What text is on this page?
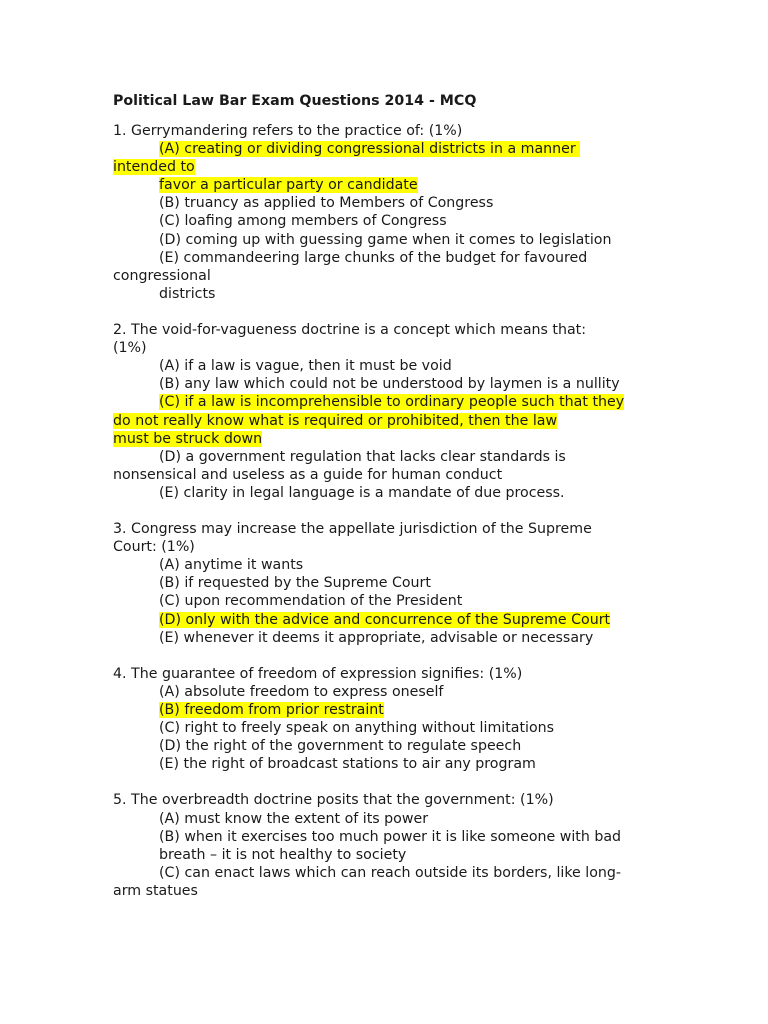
Political Law Bar Exam Questions 2014 - MCQ
1. Gerrymandering refers to the practice of: (1%)
(A) creating or dividing congressional districts in a manner
intended to
favor a particular party or candidate
(B) truancy as applied to Members of Congress
(C) loafing among members of Congress
(D) coming up with guessing game when it comes to legislation
(E) commandeering large chunks of the budget for favoured
congressional
districts
2. The void-for-vagueness doctrine is a concept which means that:
(1%)
(A) if a law is vague, then it must be void
(B) any law which could not be understood by laymen is a nullity
(C) if a law is incomprehensible to ordinary people such that they
do not really know what is required or prohibited, then the law
must be struck down
(D) a government regulation that lacks clear standards is
nonsensical and useless as a guide for human conduct
(E) clarity in legal language is a mandate of due process.
3. Congress may increase the appellate jurisdiction of the Supreme
Court: (1%)
(A) anytime it wants
(B) if requested by the Supreme Court
(C) upon recommendation of the President
(D) only with the advice and concurrence of the Supreme Court
(E) whenever it deems it appropriate, advisable or necessary
4. The guarantee of freedom of expression signifies: (1%)
(A) absolute freedom to express oneself
(B) freedom from prior restraint
(C) right to freely speak on anything without limitations
(D) the right of the government to regulate speech
(E) the right of broadcast stations to air any program
5. The overbreadth doctrine posits that the government: (1%)
(A) must know the extent of its power
(B) when it exercises too much power it is like someone with bad
breath – it is not healthy to society
(C) can enact laws which can reach outside its borders, like long-
arm statues
